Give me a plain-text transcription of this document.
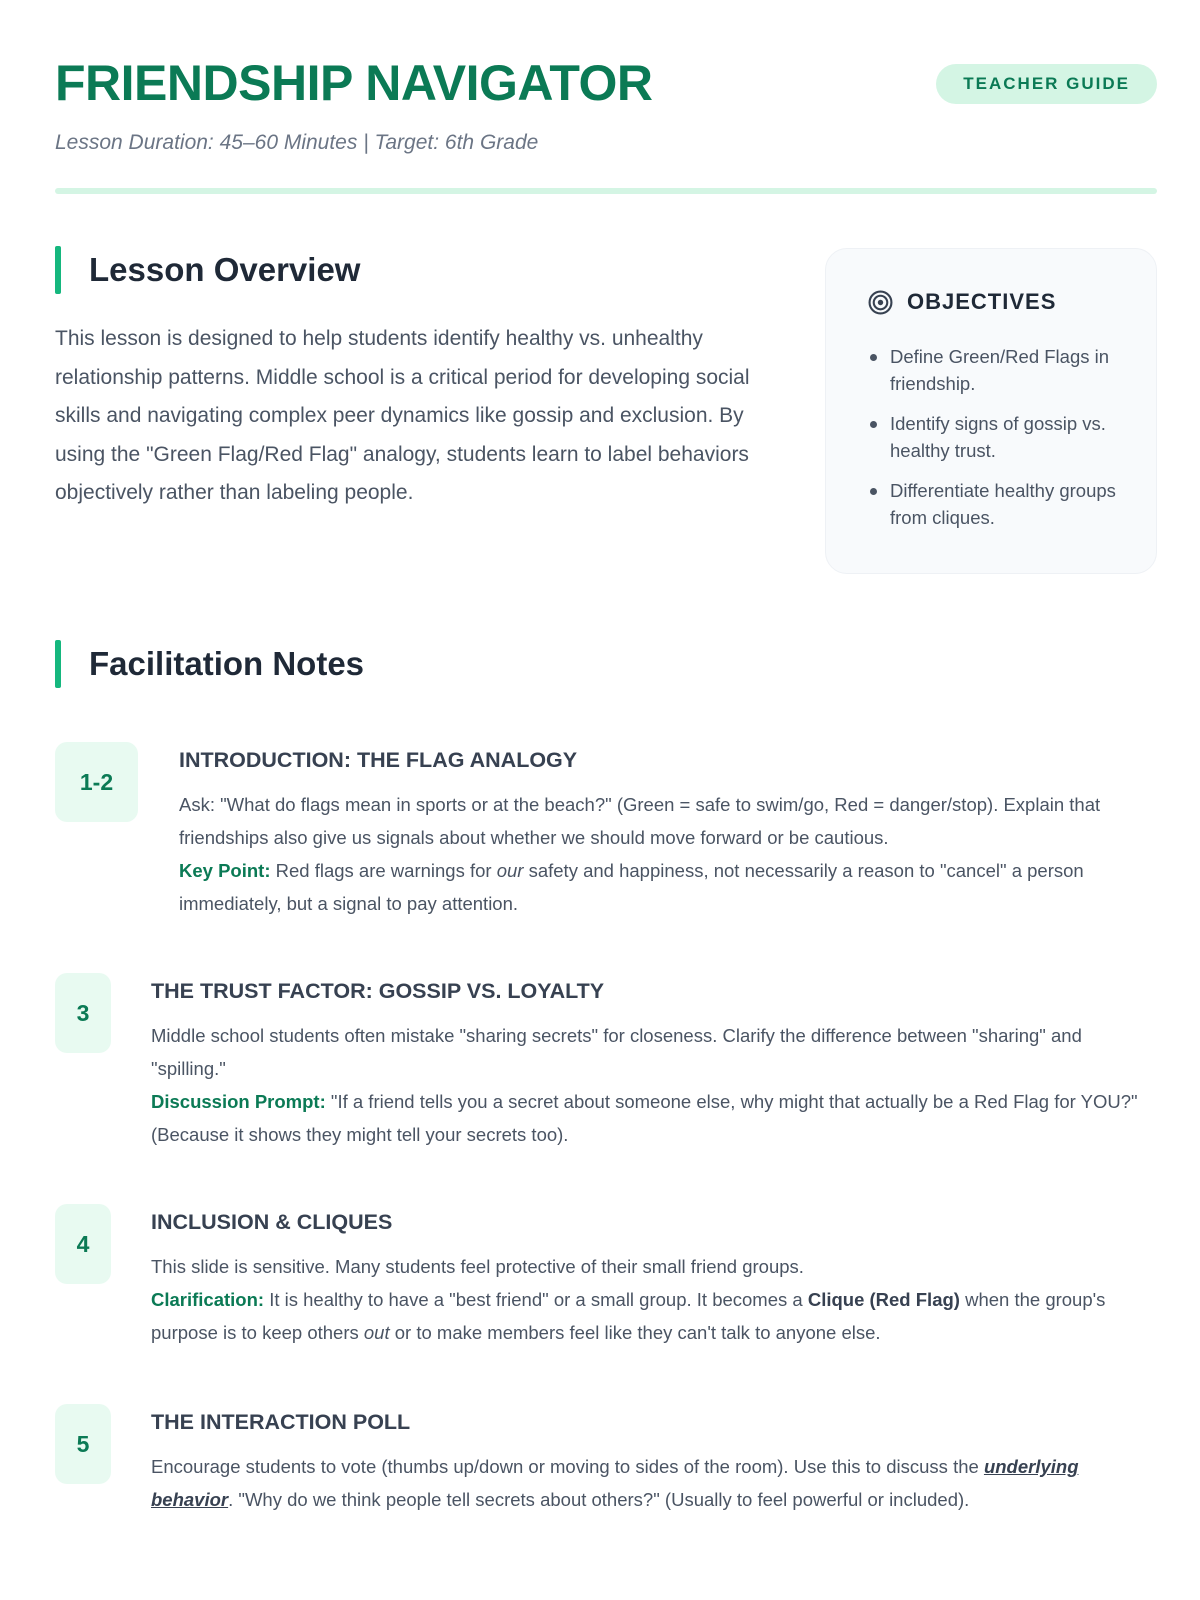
FRIENDSHIP NAVIGATOR	TEACHER GUIDE
Lesson Duration: 45–60 Minutes | Target: 6th Grade
Lesson Overview
This lesson is designed to help students identify healthy vs. unhealthy relationship patterns. Middle school is a critical period for developing social skills and navigating complex peer dynamics like gossip and exclusion. By using the "Green Flag/Red Flag" analogy, students learn to label behaviors objectively rather than labeling people.
OBJECTIVES
Define Green/Red Flags in friendship.
Identify signs of gossip vs. healthy trust.
Differentiate healthy groups from cliques.
Facilitation Notes
1-2
INTRODUCTION: THE FLAG ANALOGY

Ask: "What do flags mean in sports or at the beach?" (Green = safe to swim/go, Red = danger/stop). Explain that friendships also give us signals about whether we should move forward or be cautious.

Key Point: Red flags are warnings for our safety and happiness, not necessarily a reason to "cancel" a person immediately, but a signal to pay attention.

3
THE TRUST FACTOR: GOSSIP VS. LOYALTY

Middle school students often mistake "sharing secrets" for closeness. Clarify the difference between "sharing" and "spilling."

Discussion Prompt: "If a friend tells you a secret about someone else, why might that actually be a Red Flag for YOU?" (Because it shows they might tell your secrets too).

4
INCLUSION & CLIQUES

This slide is sensitive. Many students feel protective of their small friend groups.

Clarification: It is healthy to have a "best friend" or a small group. It becomes a Clique (Red Flag) when the group's purpose is to keep others out or to make members feel like they can't talk to anyone else.

5
THE INTERACTION POLL

Encourage students to vote (thumbs up/down or moving to sides of the room). Use this to discuss the underlying behavior. "Why do we think people tell secrets about others?" (Usually to feel powerful or included).
